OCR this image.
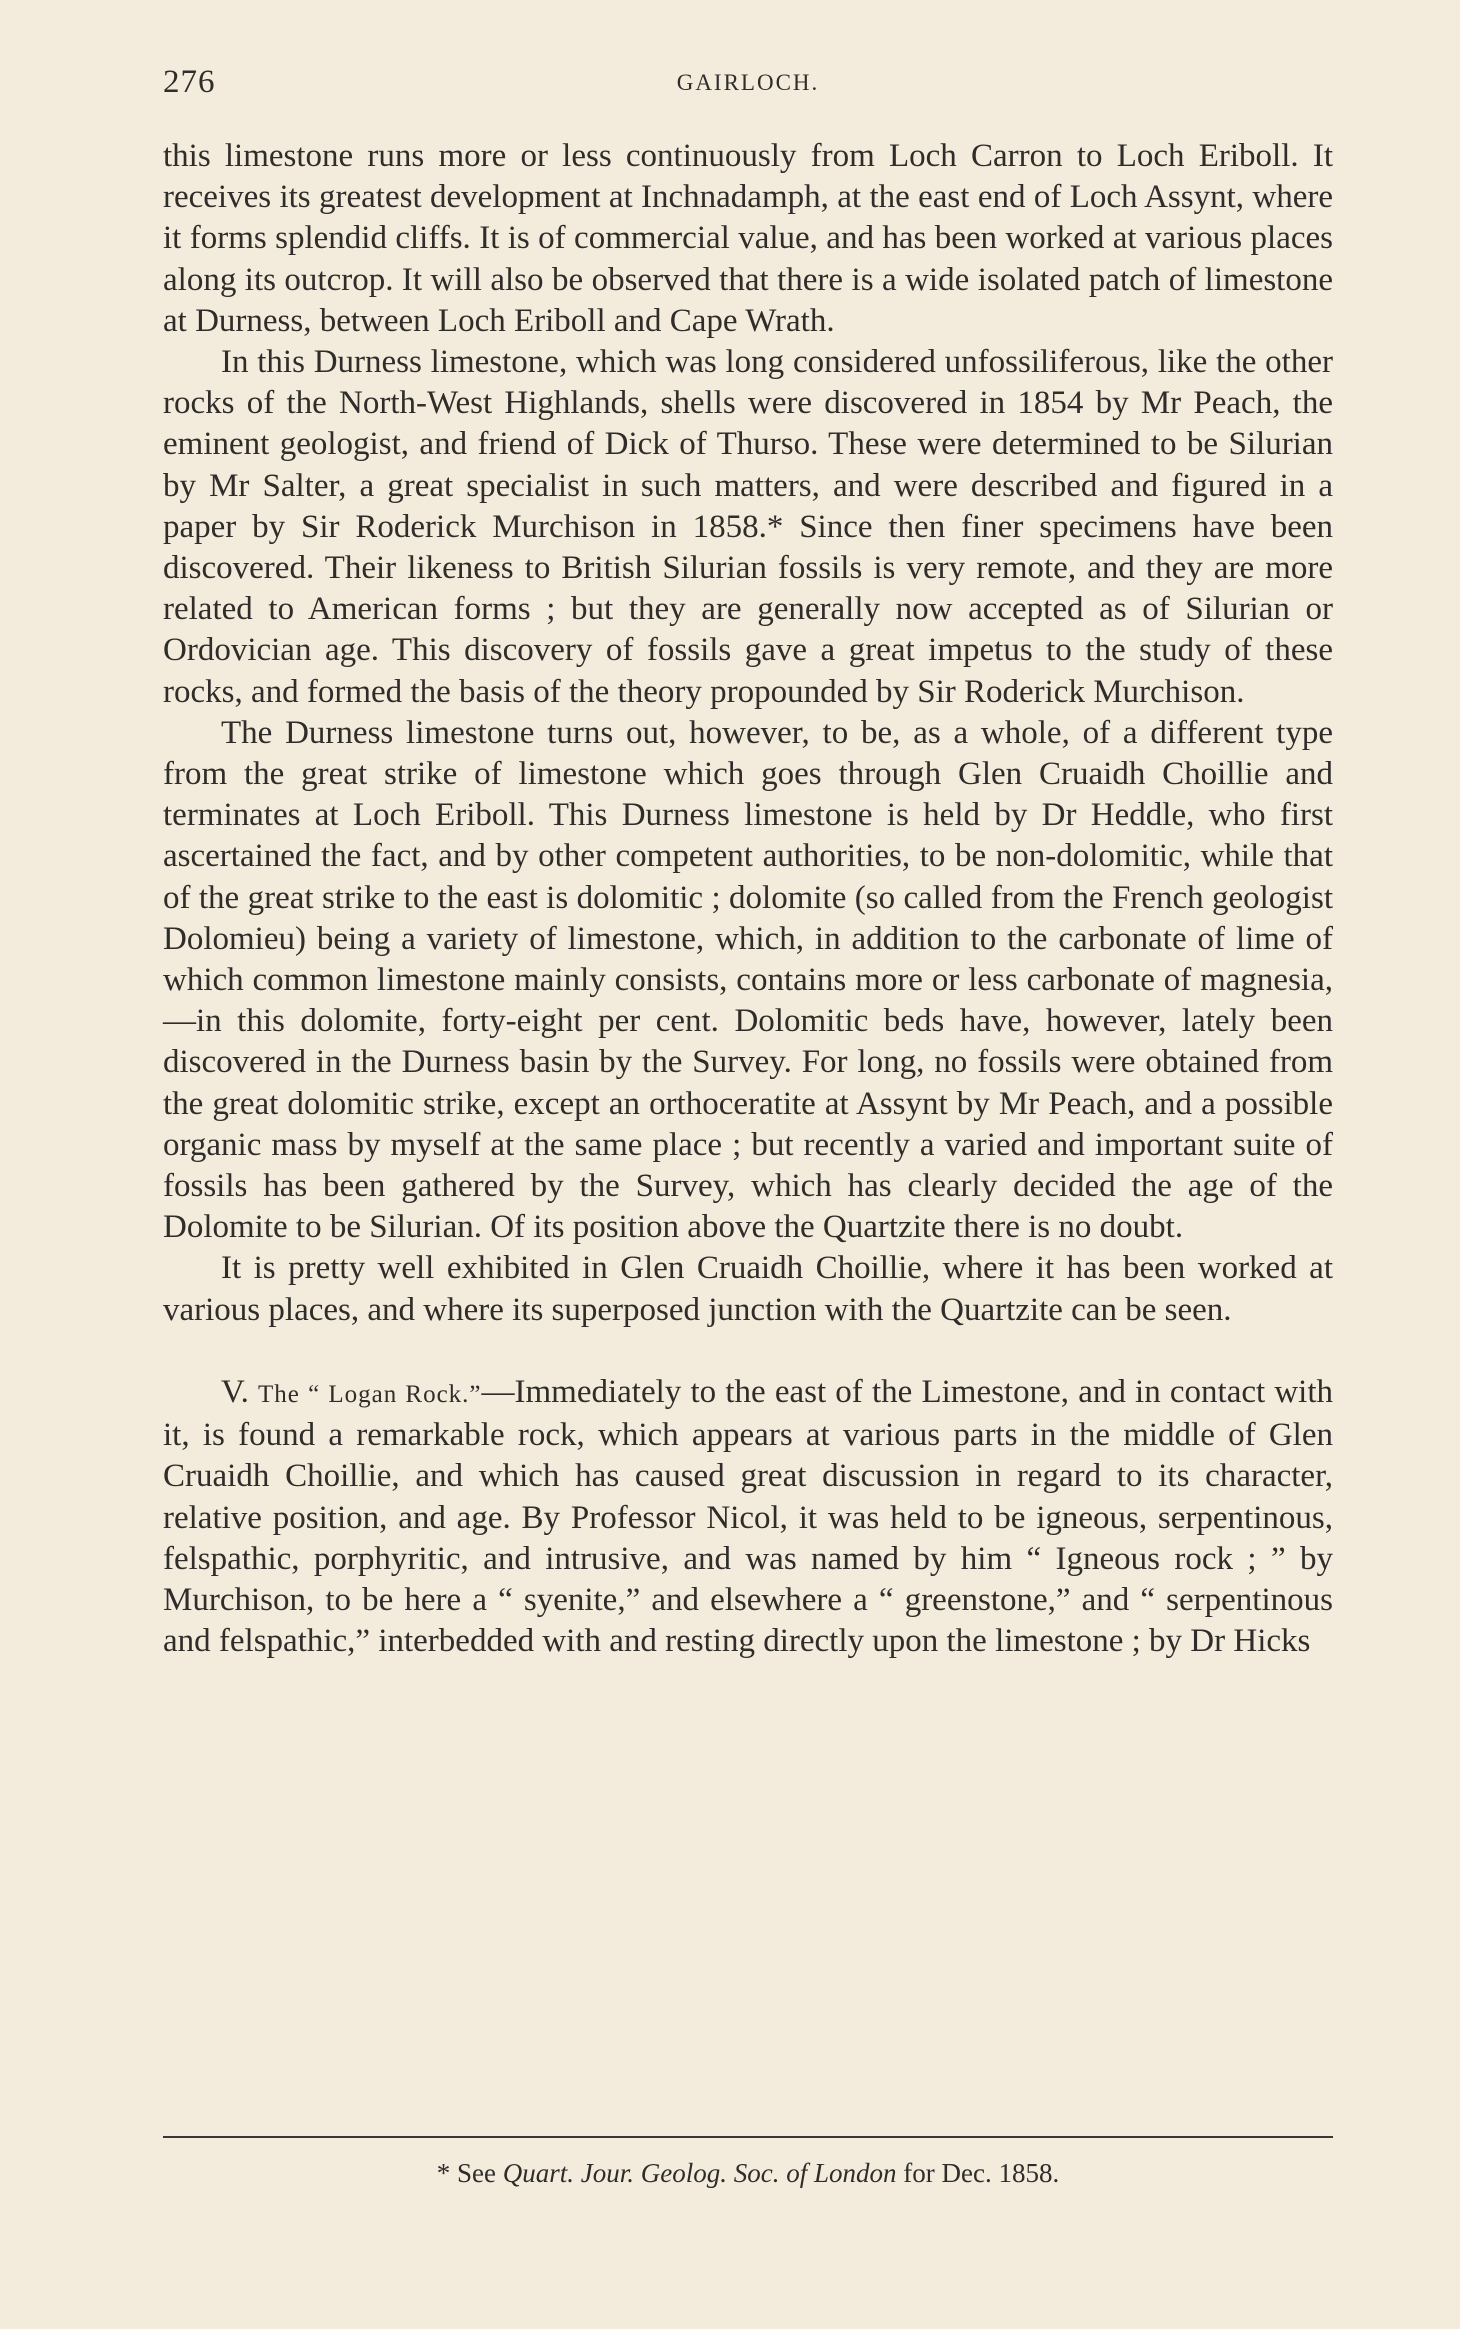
276	GAIRLOCH.

this limestone runs more or less continuously from Loch Carron to Loch Eriboll. It receives its greatest development at Inchnadamph, at the east end of Loch Assynt, where it forms splendid cliffs. It is of commercial value, and has been worked at various places along its outcrop. It will also be observed that there is a wide isolated patch of limestone at Durness, between Loch Eriboll and Cape Wrath.

In this Durness limestone, which was long considered unfossiliferous, like the other rocks of the North-West Highlands, shells were discovered in 1854 by Mr Peach, the eminent geologist, and friend of Dick of Thurso. These were determined to be Silurian by Mr Salter, a great specialist in such matters, and were described and figured in a paper by Sir Roderick Murchison in 1858.* Since then finer specimens have been discovered. Their likeness to British Silurian fossils is very remote, and they are more related to American forms ; but they are generally now accepted as of Silurian or Ordovician age. This discovery of fossils gave a great impetus to the study of these rocks, and formed the basis of the theory propounded by Sir Roderick Murchison.

The Durness limestone turns out, however, to be, as a whole, of a different type from the great strike of limestone which goes through Glen Cruaidh Choillie and terminates at Loch Eriboll. This Durness limestone is held by Dr Heddle, who first ascertained the fact, and by other competent authorities, to be non-dolomitic, while that of the great strike to the east is dolomitic ; dolomite (so called from the French geologist Dolomieu) being a variety of limestone, which, in addition to the carbonate of lime of which common limestone mainly consists, contains more or less carbonate of magnesia,—in this dolomite, forty-eight per cent. Dolomitic beds have, however, lately been discovered in the Durness basin by the Survey. For long, no fossils were obtained from the great dolomitic strike, except an orthoceratite at Assynt by Mr Peach, and a possible organic mass by myself at the same place ; but recently a varied and important suite of fossils has been gathered by the Survey, which has clearly decided the age of the Dolomite to be Silurian. Of its position above the Quartzite there is no doubt.

It is pretty well exhibited in Glen Cruaidh Choillie, where it has been worked at various places, and where its superposed junction with the Quartzite can be seen.

V. The “ Logan Rock.”—Immediately to the east of the Limestone, and in contact with it, is found a remarkable rock, which appears at various parts in the middle of Glen Cruaidh Choillie, and which has caused great discussion in regard to its character, relative position, and age. By Professor Nicol, it was held to be igneous, serpentinous, felspathic, porphyritic, and intrusive, and was named by him “ Igneous rock ; ” by Murchison, to be here a “ syenite,” and elsewhere a “ greenstone,” and “ serpentinous and felspathic,” interbedded with and resting directly upon the limestone ; by Dr Hicks

* See Quart. Jour. Geolog. Soc. of London for Dec. 1858.
